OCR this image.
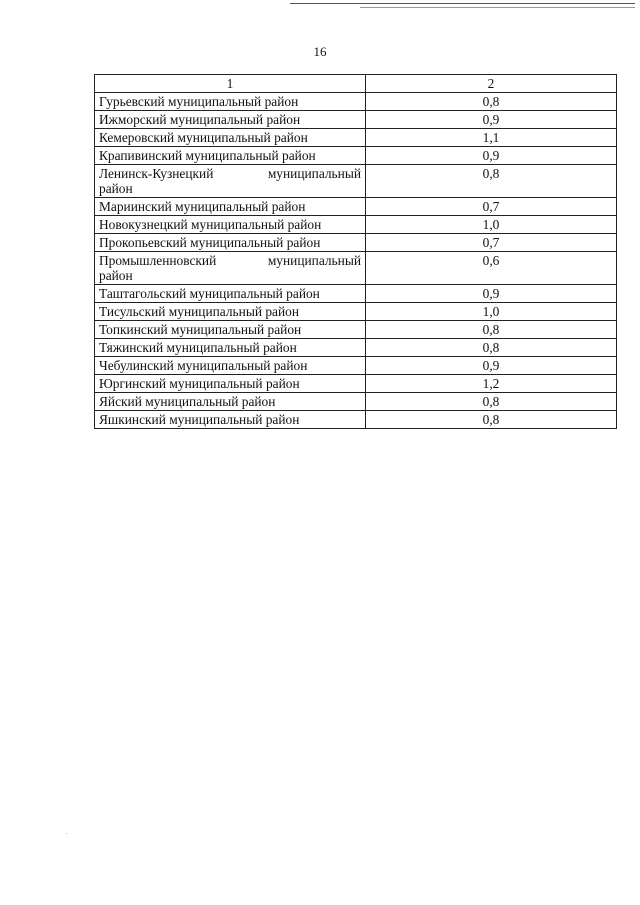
16
1	2
Гурьевский муниципальный район	0,8
Ижморский муниципальный район	0,9
Кемеровский муниципальный район	1,1
Крапивинский муниципальный район	0,9

Ленинск-Кузнецкий муниципальный
район	0,8
Мариинский муниципальный район	0,7
Новокузнецкий муниципальный район	1,0
Прокопьевский муниципальный район	0,7

Промышленновский муниципальный
район	0,6
Таштагольский муниципальный район	0,9
Тисульский муниципальный район	1,0
Топкинский муниципальный район	0,8
Тяжинский муниципальный район	0,8
Чебулинский муниципальный район	0,9
Юргинский муниципальный район	1,2
Яйский муниципальный район	0,8
Яшкинский муниципальный район	0,8
